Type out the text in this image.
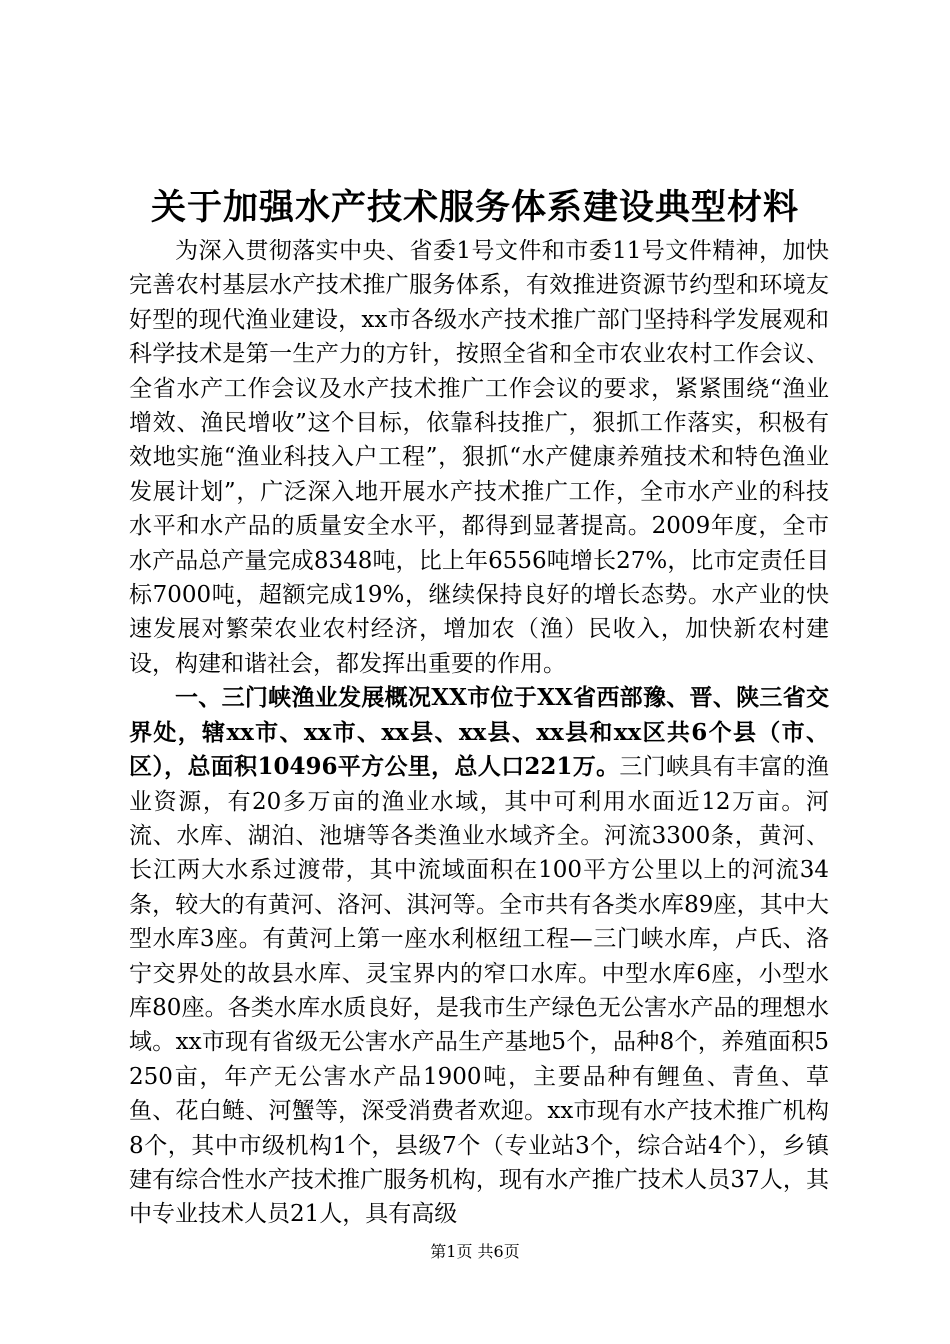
关于加强水产技术服务体系建设典型材料

为深入贯彻落实中央、省委1号文件和市委11号文件精神，加快完善农村基层水产技术推广服务体系，有效推进资源节约型和环境友好型的现代渔业建设，xx市各级水产技术推广部门坚持科学发展观和科学技术是第一生产力的方针，按照全省和全市农业农村工作会议、全省水产工作会议及水产技术推广工作会议的要求，紧紧围绕“渔业增效、渔民增收”这个目标，依靠科技推广，狠抓工作落实，积极有效地实施“渔业科技入户工程”，狠抓“水产健康养殖技术和特色渔业发展计划”，广泛深入地开展水产技术推广工作，全市水产业的科技水平和水产品的质量安全水平，都得到显著提高。2009年度，全市水产品总产量完成8348吨，比上年6556吨增长27%，比市定责任目标7000吨，超额完成19%，继续保持良好的增长态势。水产业的快速发展对繁荣农业农村经济，增加农（渔）民收入，加快新农村建设，构建和谐社会，都发挥出重要的作用。

一、三门峡渔业发展概况XX市位于XX省西部豫、晋、陕三省交界处，辖xx市、xx市、xx县、xx县、xx县和xx区共6个县（市、区），总面积10496平方公里，总人口221万。三门峡具有丰富的渔业资源，有20多万亩的渔业水域，其中可利用水面近12万亩。河流、水库、湖泊、池塘等各类渔业水域齐全。河流3300条，黄河、长江两大水系过渡带，其中流域面积在100平方公里以上的河流34条，较大的有黄河、洛河、淇河等。全市共有各类水库89座，其中大型水库3座。有黄河上第一座水利枢纽工程—三门峡水库，卢氏、洛宁交界处的故县水库、灵宝界内的窄口水库。中型水库6座，小型水库80座。各类水库水质良好，是我市生产绿色无公害水产品的理想水域。xx市现有省级无公害水产品生产基地5个，品种8个，养殖面积5250亩，年产无公害水产品1900吨，主要品种有鲤鱼、青鱼、草鱼、花白鲢、河蟹等，深受消费者欢迎。xx市现有水产技术推广机构8个，其中市级机构1个，县级7个（专业站3个，综合站4个），乡镇建有综合性水产技术推广服务机构，现有水产推广技术人员37人，其中专业技术人员21人，具有高级

第1页 共6页
